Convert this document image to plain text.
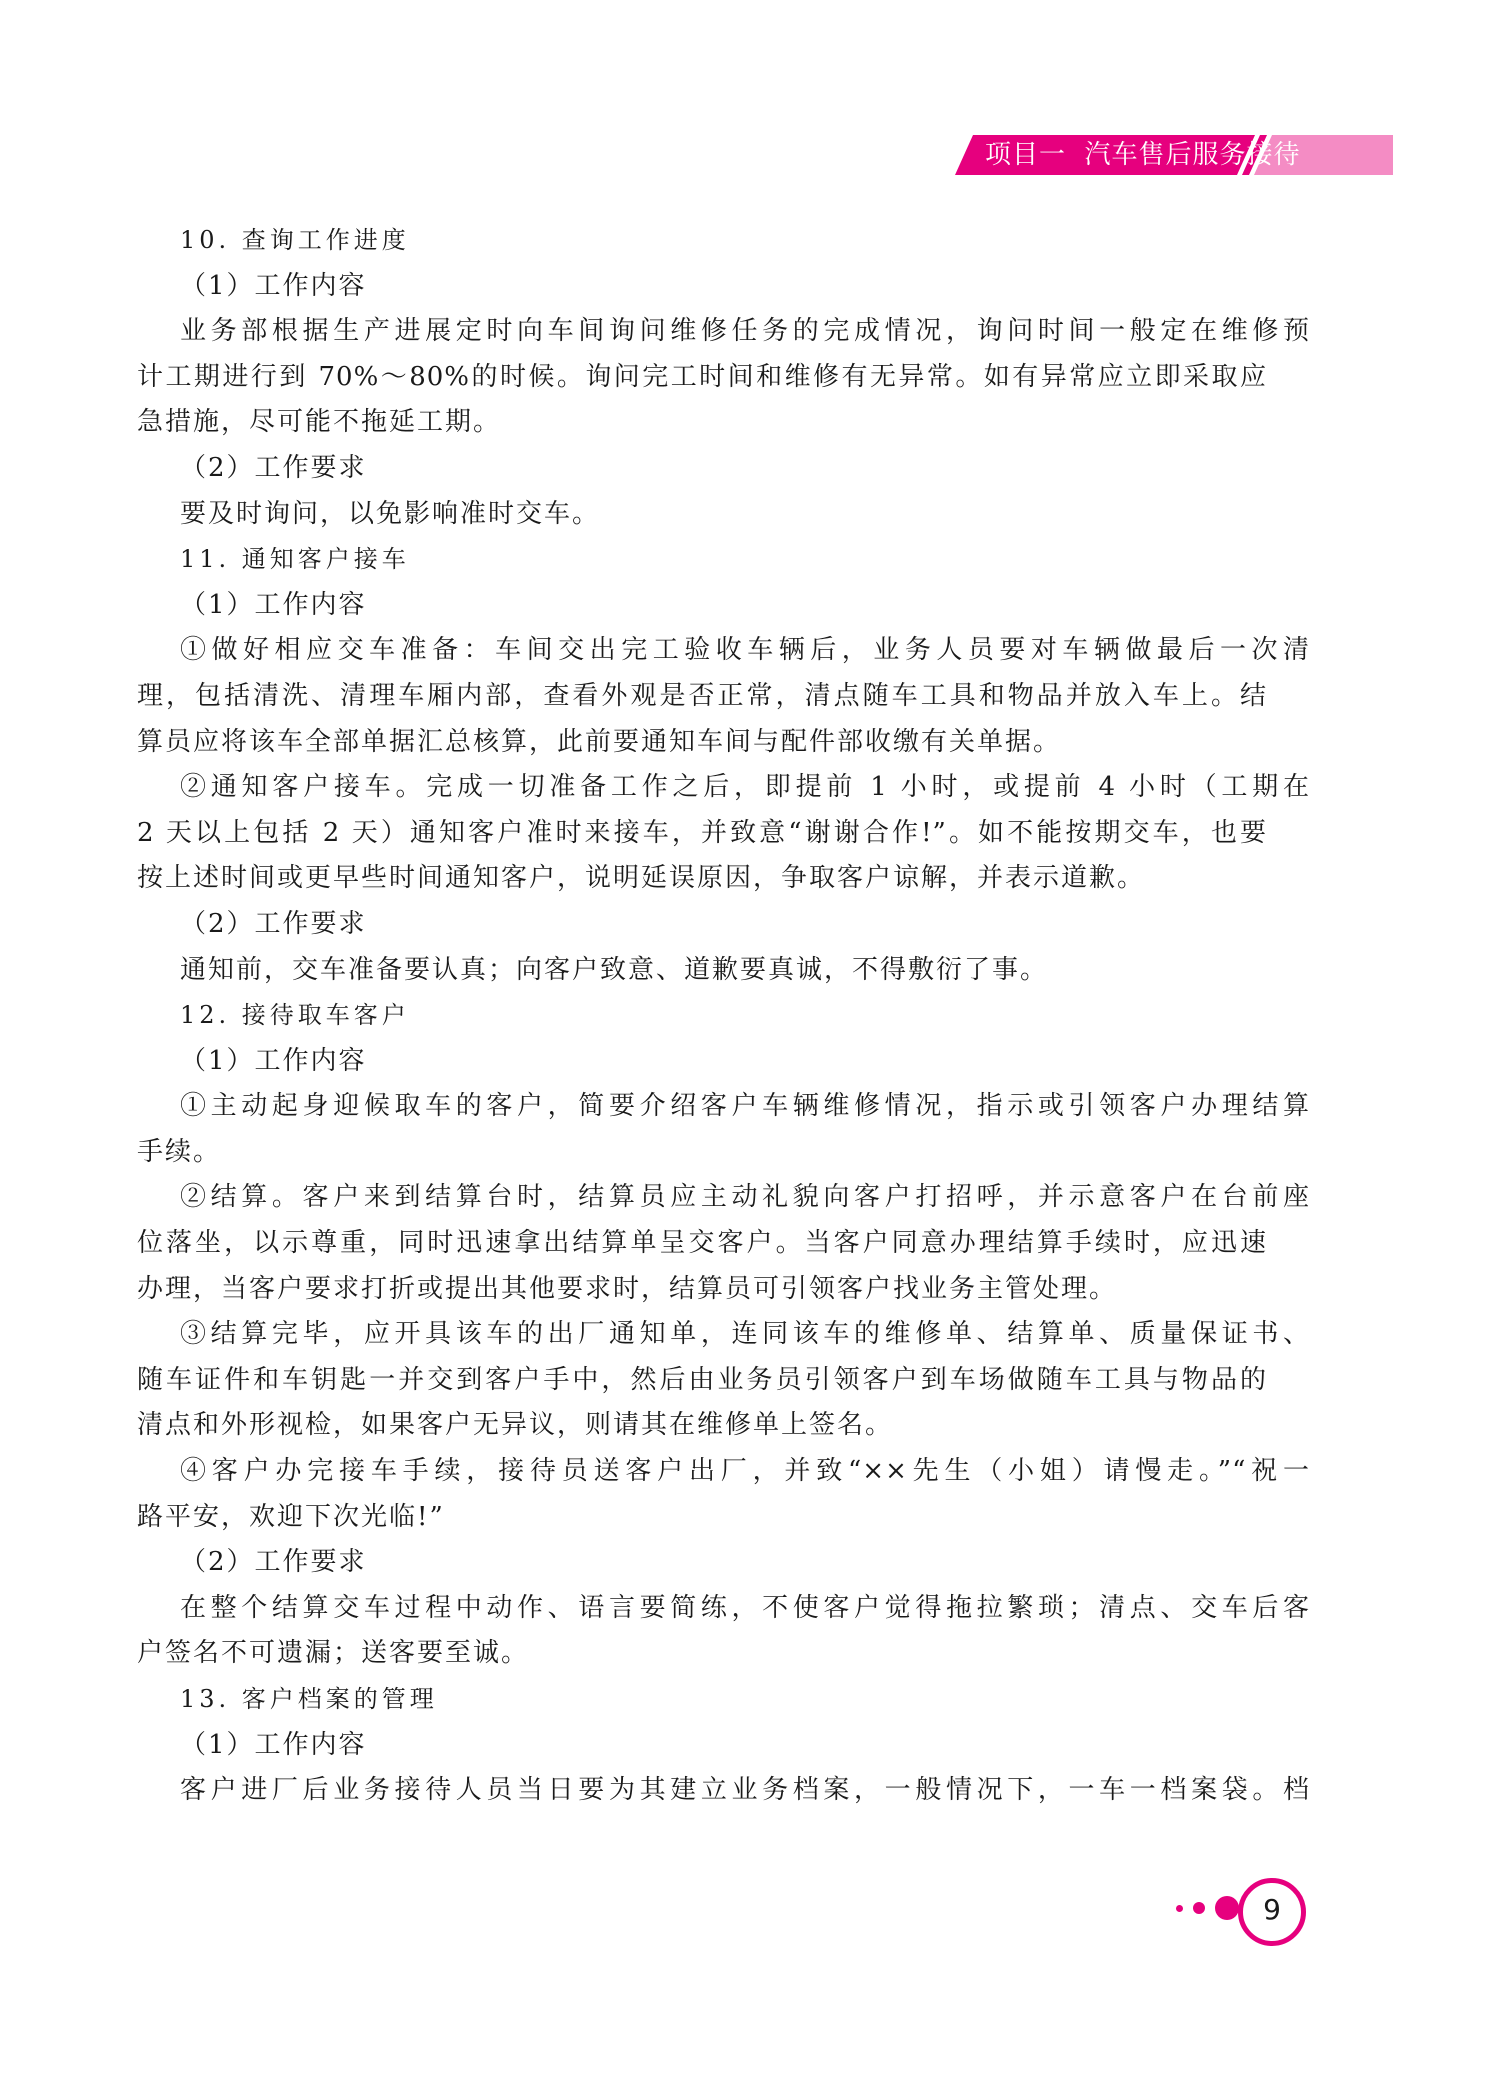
项目一  汽车售后服务接待
10. 查询工作进度
（1）工作内容
业务部根据生产进展定时向车间询问维修任务的完成情况，询问时间一般定在维修预
计工期进行到 70%～80%的时候。询问完工时间和维修有无异常。如有异常应立即采取应
急措施，尽可能不拖延工期。
（2）工作要求
要及时询问，以免影响准时交车。
11. 通知客户接车
（1）工作内容
①做好相应交车准备：车间交出完工验收车辆后，业务人员要对车辆做最后一次清
理，包括清洗、清理车厢内部，查看外观是否正常，清点随车工具和物品并放入车上。结
算员应将该车全部单据汇总核算，此前要通知车间与配件部收缴有关单据。
②通知客户接车。完成一切准备工作之后，即提前 1 小时，或提前 4 小时（工期在
2 天以上包括 2 天）通知客户准时来接车，并致意“谢谢合作!”。如不能按期交车，也要
按上述时间或更早些时间通知客户，说明延误原因，争取客户谅解，并表示道歉。
（2）工作要求
通知前，交车准备要认真；向客户致意、道歉要真诚，不得敷衍了事。
12. 接待取车客户
（1）工作内容
①主动起身迎候取车的客户，简要介绍客户车辆维修情况，指示或引领客户办理结算
手续。
②结算。客户来到结算台时，结算员应主动礼貌向客户打招呼，并示意客户在台前座
位落坐，以示尊重，同时迅速拿出结算单呈交客户。当客户同意办理结算手续时，应迅速
办理，当客户要求打折或提出其他要求时，结算员可引领客户找业务主管处理。
③结算完毕，应开具该车的出厂通知单，连同该车的维修单、结算单、质量保证书、
随车证件和车钥匙一并交到客户手中，然后由业务员引领客户到车场做随车工具与物品的
清点和外形视检，如果客户无异议，则请其在维修单上签名。
④客户办完接车手续，接待员送客户出厂，并致“××先生（小姐）请慢走。”“祝一
路平安，欢迎下次光临!”
（2）工作要求
在整个结算交车过程中动作、语言要简练，不使客户觉得拖拉繁琐；清点、交车后客
户签名不可遗漏；送客要至诚。
13. 客户档案的管理
（1）工作内容
客户进厂后业务接待人员当日要为其建立业务档案，一般情况下，一车一档案袋。档
9
